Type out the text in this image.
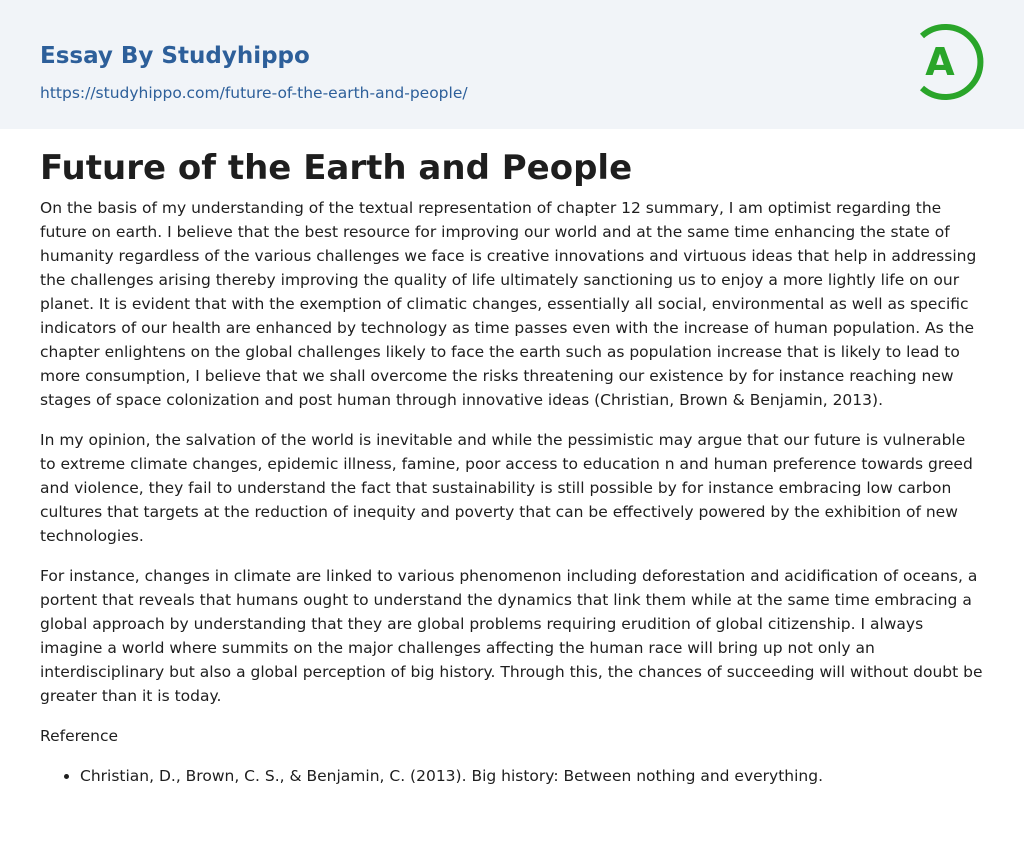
Essay By Studyhippo
https://studyhippo.com/future-of-the-earth-and-people/
A
Future of the Earth and People

On the basis of my understanding of the textual representation of chapter 12 summary, I am optimist regarding the future on earth. I believe that the best resource for improving our world and at the same time enhancing the state of humanity regardless of the various challenges we face is creative innovations and virtuous ideas that help in addressing the challenges arising thereby improving the quality of life ultimately sanctioning us to enjoy a more lightly life on our planet. It is evident that with the exemption of climatic changes, essentially all social, environmental as well as specific indicators of our health are enhanced by technology as time passes even with the increase of human population. As the chapter enlightens on the global challenges likely to face the earth such as population increase that is likely to lead to more consumption, I believe that we shall overcome the risks threatening our existence by for instance reaching new stages of space colonization and post human through innovative ideas (Christian, Brown & Benjamin, 2013).

In my opinion, the salvation of the world is inevitable and while the pessimistic may argue that our future is vulnerable to extreme climate changes, epidemic illness, famine, poor access to education n and human preference towards greed and violence, they fail to understand the fact that sustainability is still possible by for instance embracing low carbon cultures that targets at the reduction of inequity and poverty that can be effectively powered by the exhibition of new technologies.

For instance, changes in climate are linked to various phenomenon including deforestation and acidification of oceans, a portent that reveals that humans ought to understand the dynamics that link them while at the same time embracing a global approach by understanding that they are global problems requiring erudition of global citizenship. I always imagine a world where summits on the major challenges affecting the human race will bring up not only an interdisciplinary but also a global perception of big history. Through this, the chances of succeeding will without doubt be greater than it is today.

Reference

• Christian, D., Brown, C. S., & Benjamin, C. (2013). Big history: Between nothing and everything.
